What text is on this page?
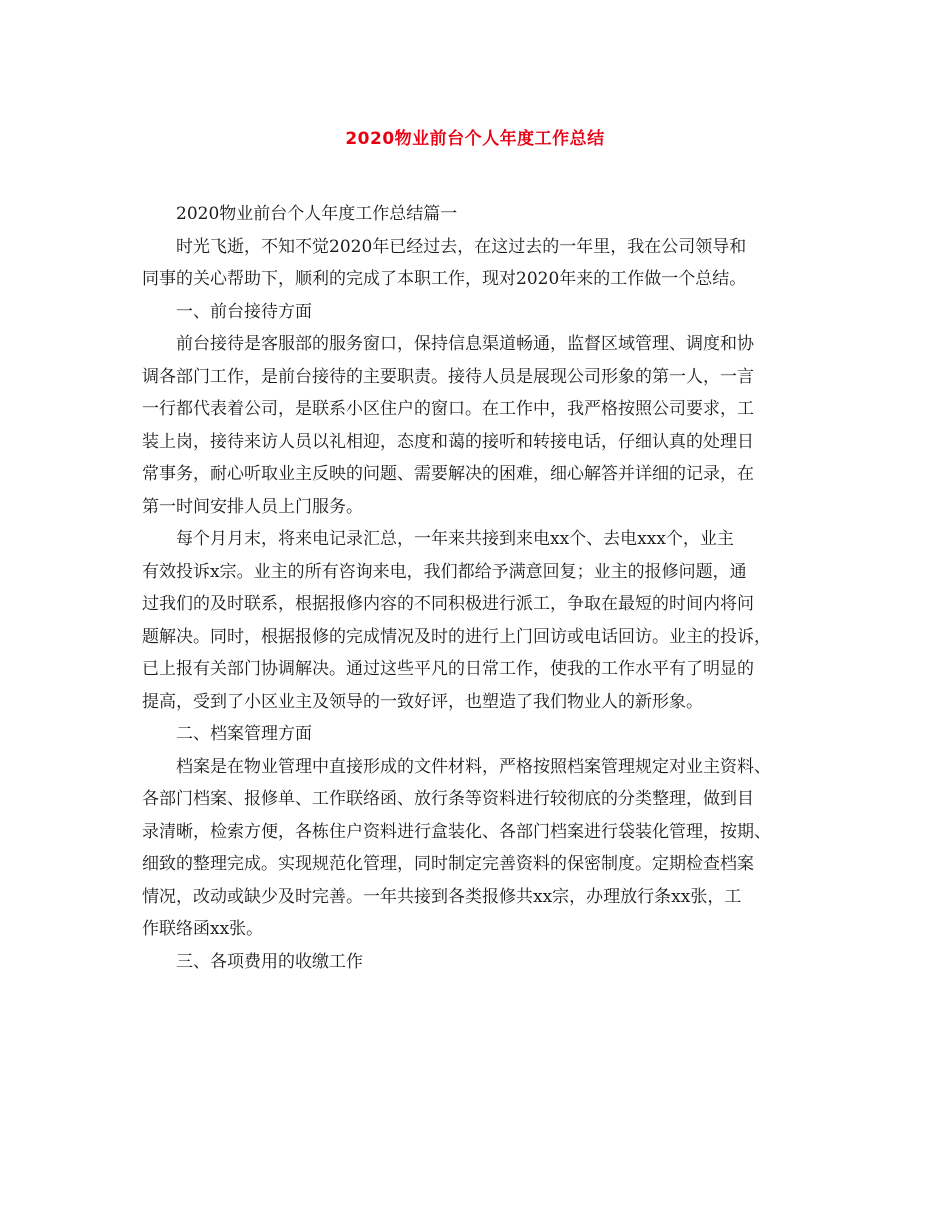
2020物业前台个人年度工作总结

2020物业前台个人年度工作总结篇一

时光飞逝，不知不觉2020年已经过去，在这过去的一年里，我在公司领导和
同事的关心帮助下，顺利的完成了本职工作，现对2020年来的工作做一个总结。

一、前台接待方面

前台接待是客服部的服务窗口，保持信息渠道畅通，监督区域管理、调度和协
调各部门工作，是前台接待的主要职责。接待人员是展现公司形象的第一人，一言
一行都代表着公司，是联系小区住户的窗口。在工作中，我严格按照公司要求，工
装上岗，接待来访人员以礼相迎，态度和蔼的接听和转接电话，仔细认真的处理日
常事务，耐心听取业主反映的问题、需要解决的困难，细心解答并详细的记录，在
第一时间安排人员上门服务。

每个月月末，将来电记录汇总，一年来共接到来电xx个、去电xxx个，业主
有效投诉x宗。业主的所有咨询来电，我们都给予满意回复；业主的报修问题，通
过我们的及时联系，根据报修内容的不同积极进行派工，争取在最短的时间内将问
题解决。同时，根据报修的完成情况及时的进行上门回访或电话回访。业主的投诉，
已上报有关部门协调解决。通过这些平凡的日常工作，使我的工作水平有了明显的
提高，受到了小区业主及领导的一致好评，也塑造了我们物业人的新形象。

二、档案管理方面

档案是在物业管理中直接形成的文件材料，严格按照档案管理规定对业主资料、
各部门档案、报修单、工作联络函、放行条等资料进行较彻底的分类整理，做到目
录清晰，检索方便，各栋住户资料进行盒装化、各部门档案进行袋装化管理，按期、
细致的整理完成。实现规范化管理，同时制定完善资料的保密制度。定期检查档案
情况，改动或缺少及时完善。一年共接到各类报修共xx宗，办理放行条xx张，工
作联络函xx张。

三、各项费用的收缴工作
